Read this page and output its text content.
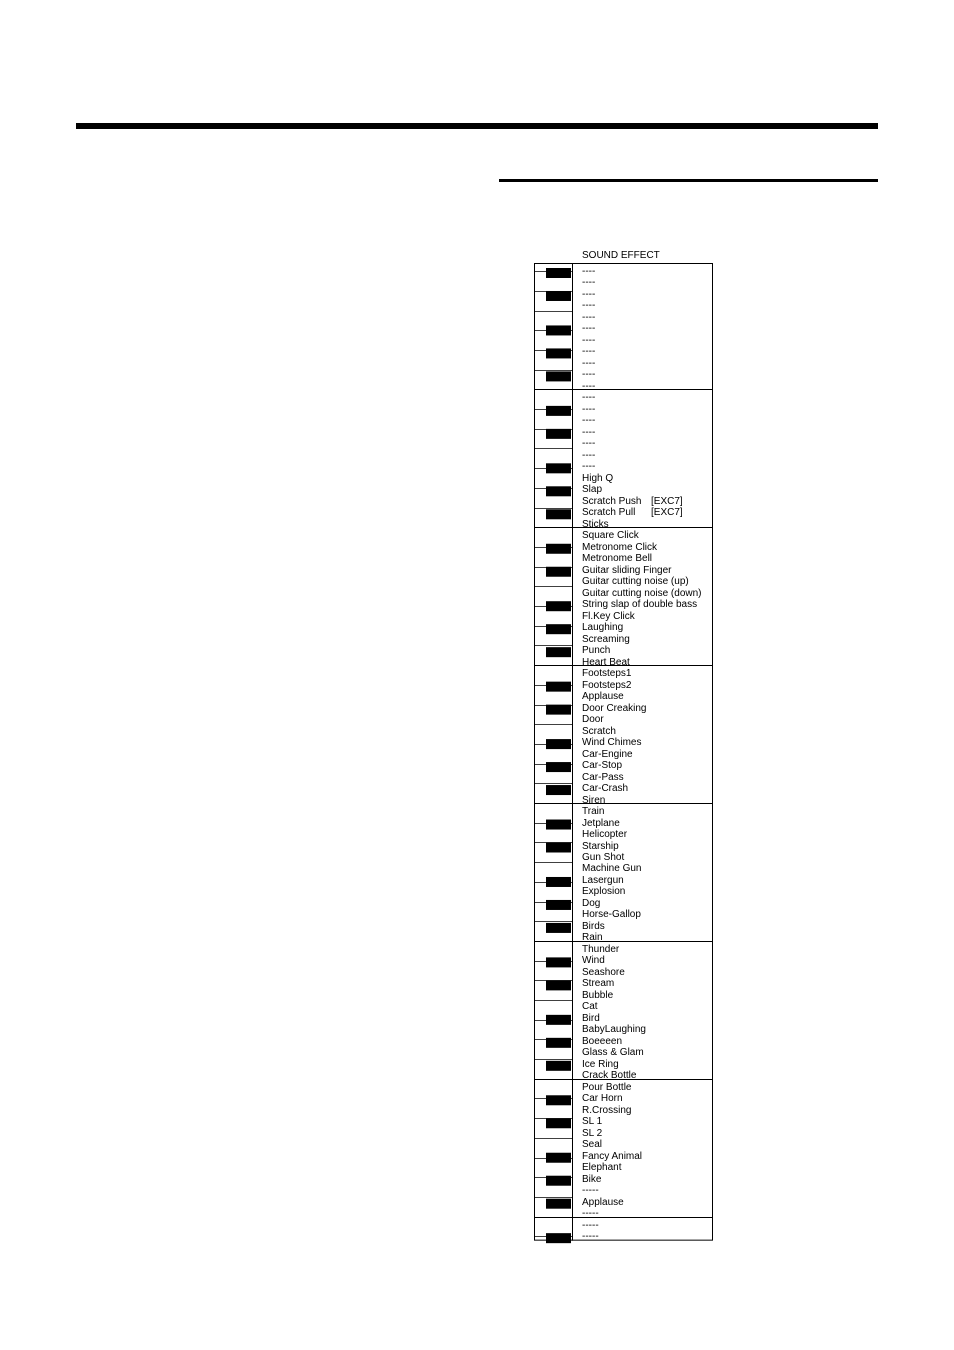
SOUND EFFECT
----
----
----
----
----
----
----
----
----
----
----
----
----
----
----
----
----
----
High Q
Slap
Scratch Push [EXC7]
Scratch Pull [EXC7]
Sticks
Square Click
Metronome Click
Metronome Bell
Guitar sliding Finger
Guitar cutting noise (up)
Guitar cutting noise (down)
String slap of double bass
Fl.Key Click
Laughing
Screaming
Punch
Heart Beat
Footsteps1
Footsteps2
Applause
Door Creaking
Door
Scratch
Wind Chimes
Car-Engine
Car-Stop
Car-Pass
Car-Crash
Siren
Train
Jetplane
Helicopter
Starship
Gun Shot
Machine Gun
Lasergun
Explosion
Dog
Horse-Gallop
Birds
Rain
Thunder
Wind
Seashore
Stream
Bubble
Cat
Bird
BabyLaughing
Boeeeen
Glass & Glam
Ice Ring
Crack Bottle
Pour Bottle
Car Horn
R.Crossing
SL 1
SL 2
Seal
Fancy Animal
Elephant
Bike
-----
Applause
-----
-----
-----
